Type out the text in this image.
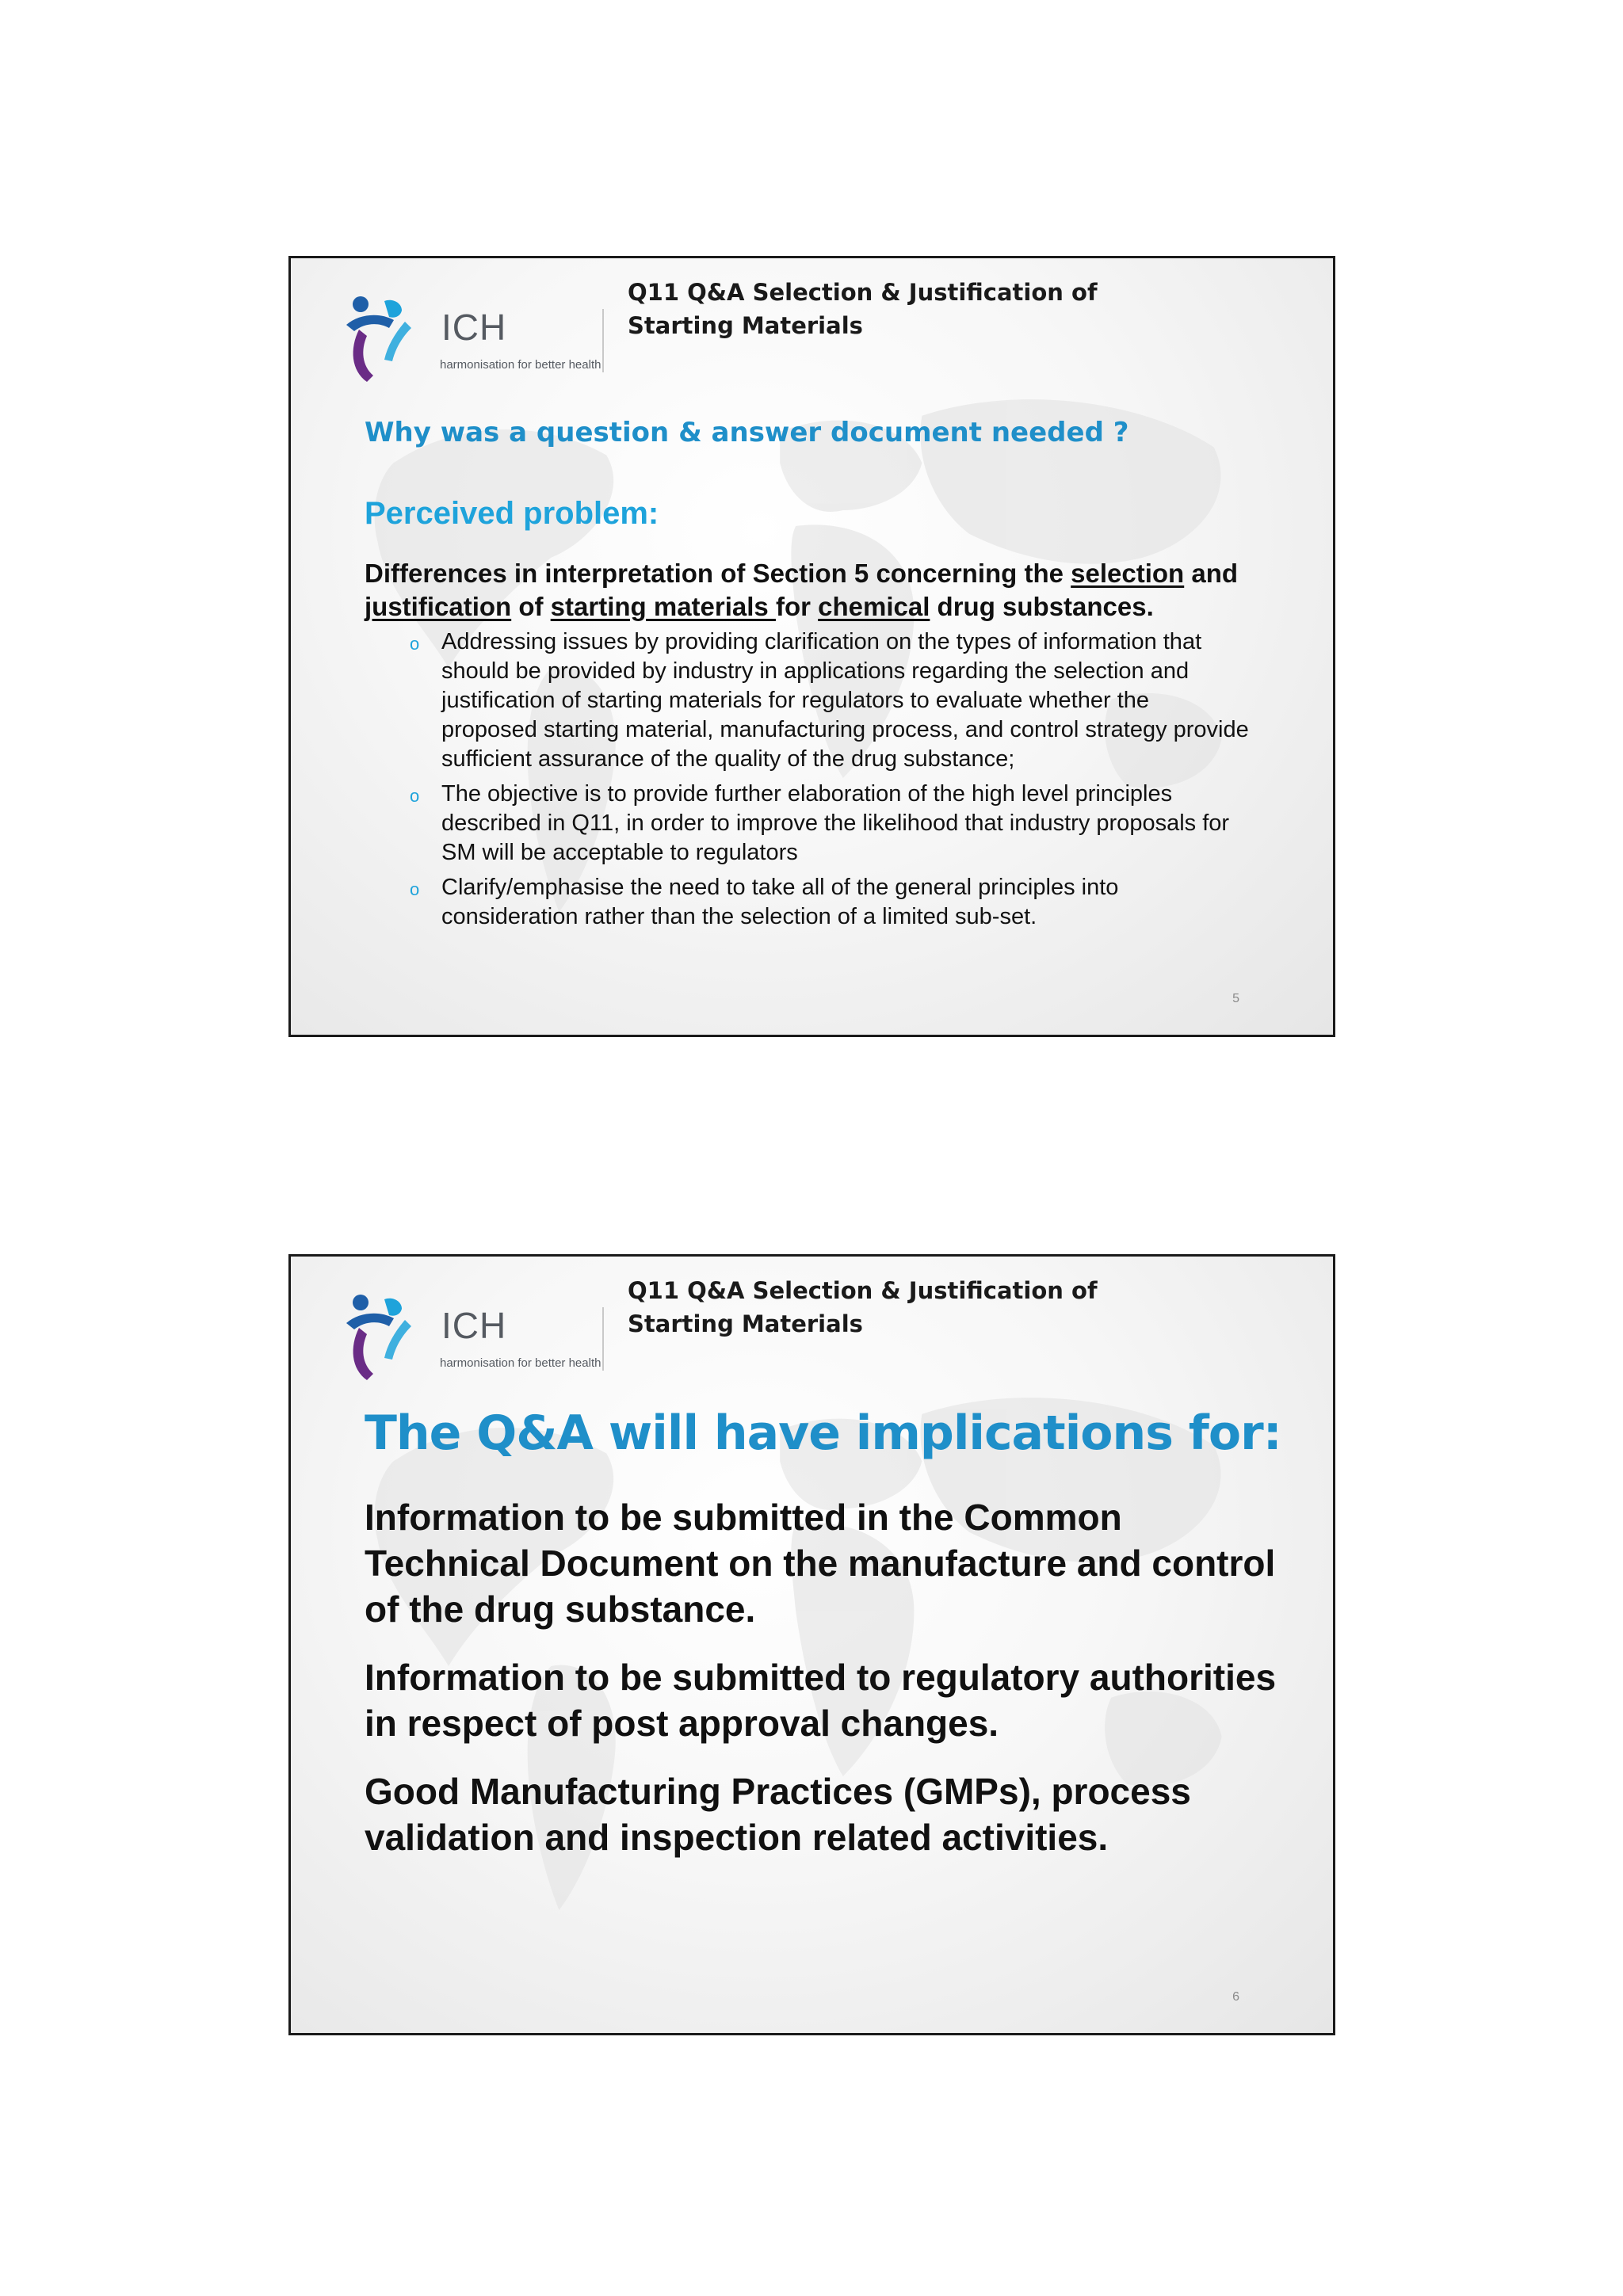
ICH
harmonisation for better health
Q11 Q&A Selection & Justification of
Starting Materials
Why was a question & answer document needed ?
Perceived problem:
Differences in interpretation of Section 5 concerning the selection and justification of starting materials for chemical drug substances.
o Addressing issues by providing clarification on the types of information that should be provided by industry in applications regarding the selection and justification of starting materials for regulators to evaluate whether the proposed starting material, manufacturing process, and control strategy provide sufficient assurance of the quality of the drug substance;
o The objective is to provide further elaboration of the high level principles described in Q11, in order to improve the likelihood that industry proposals for SM will be acceptable to regulators
o Clarify/emphasise the need to take all of the general principles into consideration rather than the selection of a limited sub-set.
5
ICH
harmonisation for better health
Q11 Q&A Selection & Justification of
Starting Materials
The Q&A will have implications for:

Information to be submitted in the Common Technical Document on the manufacture and control of the drug substance.

Information to be submitted to regulatory authorities in respect of post approval changes.

Good Manufacturing Practices (GMPs), process validation and inspection related activities.

6
